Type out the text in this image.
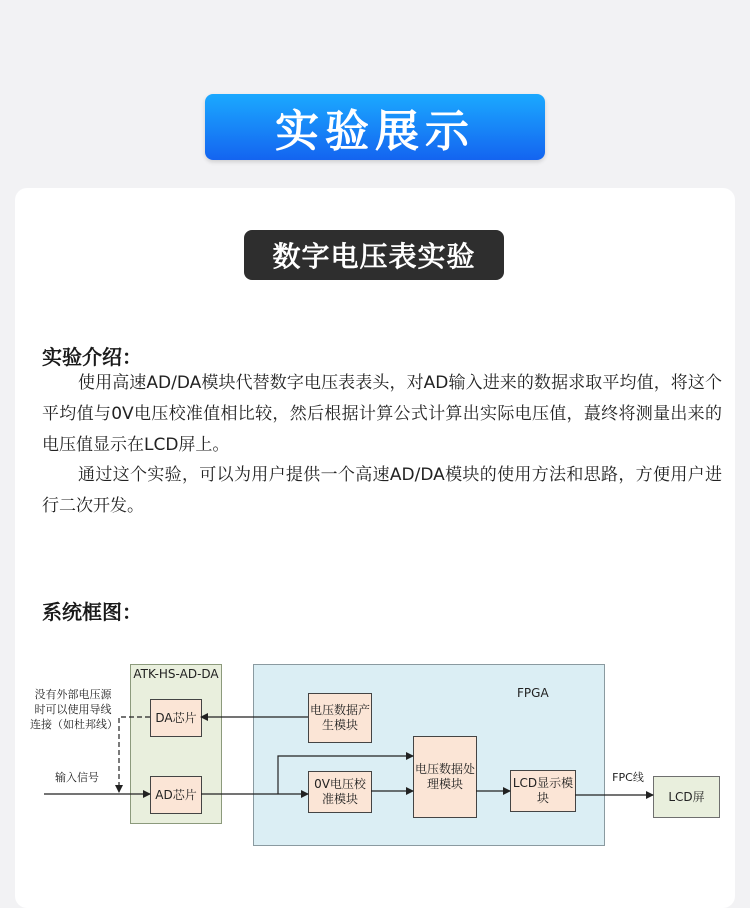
实验展示
数字电压表实验
实验介绍：

使用高速AD/DA模块代替数字电压表表头，对AD输入进来的数据求取平均值，将这个平均值与0V电压校准值相比较，然后根据计算公式计算出实际电压值，蕞终将测量出来的电压值显示在LCD屏上。

通过这个实验，可以为用户提供一个高速AD/DA模块的使用方法和思路，方便用户进行二次开发。

系统框图：
ATK-HS-AD-DA
FPGA
DA芯片
AD芯片
电压数据产生模块
0V电压校准模块
电压数据处理模块	LCD显示模块	LCD屏
没有外部电压源时可以使用导线连接（如杜邦线）
输入信号	FPC线
